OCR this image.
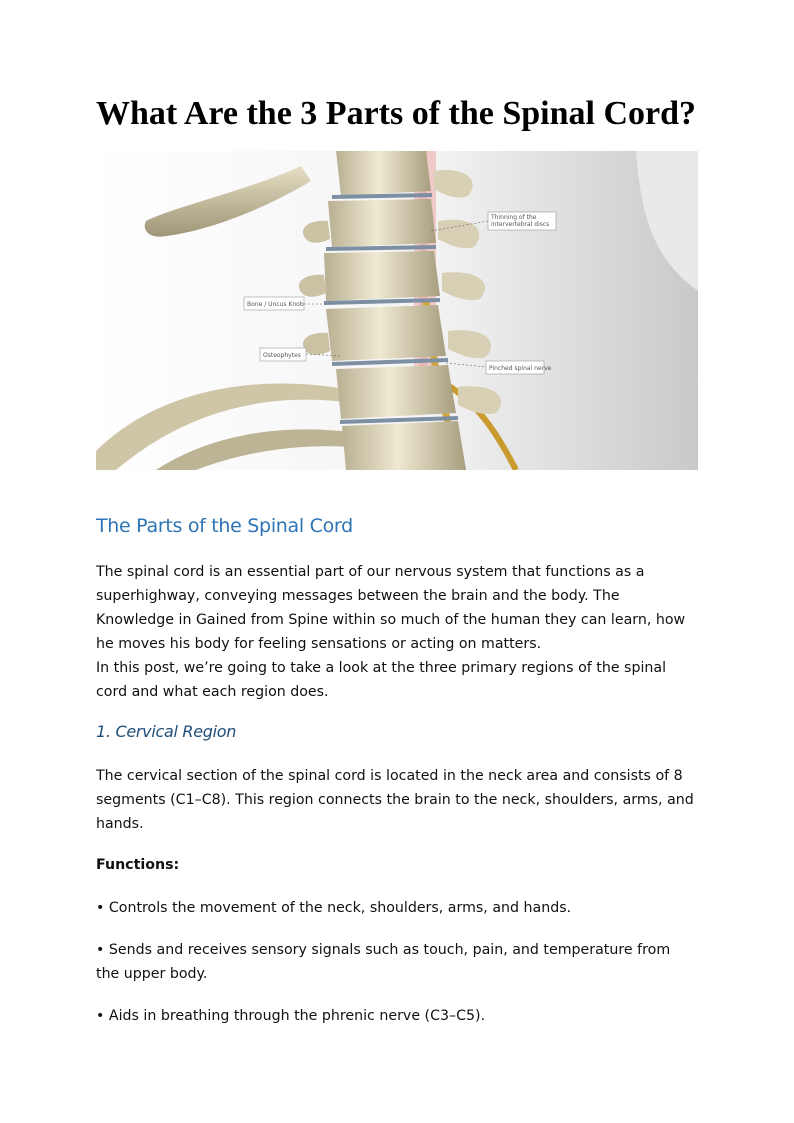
What Are the 3 Parts of the Spinal Cord?
Thinning of the
intervertebral discs
Bone / Uncus Knob
Osteophytes
Pinched spinal nerve
The Parts of the Spinal Cord

The spinal cord is an essential part of our nervous system that functions as a superhighway, conveying messages between the brain and the body. The Knowledge in Gained from Spine within so much of the human they can learn, how he moves his body for feeling sensations or acting on matters.

In this post, we’re going to take a look at the three primary regions of the spinal cord and what each region does.

1. Cervical Region

The cervical section of the spinal cord is located in the neck area and consists of 8 segments (C1–C8). This region connects the brain to the neck, shoulders, arms, and hands.

Functions:

• Controls the movement of the neck, shoulders, arms, and hands.

• Sends and receives sensory signals such as touch, pain, and temperature from the upper body.

• Aids in breathing through the phrenic nerve (C3–C5).
